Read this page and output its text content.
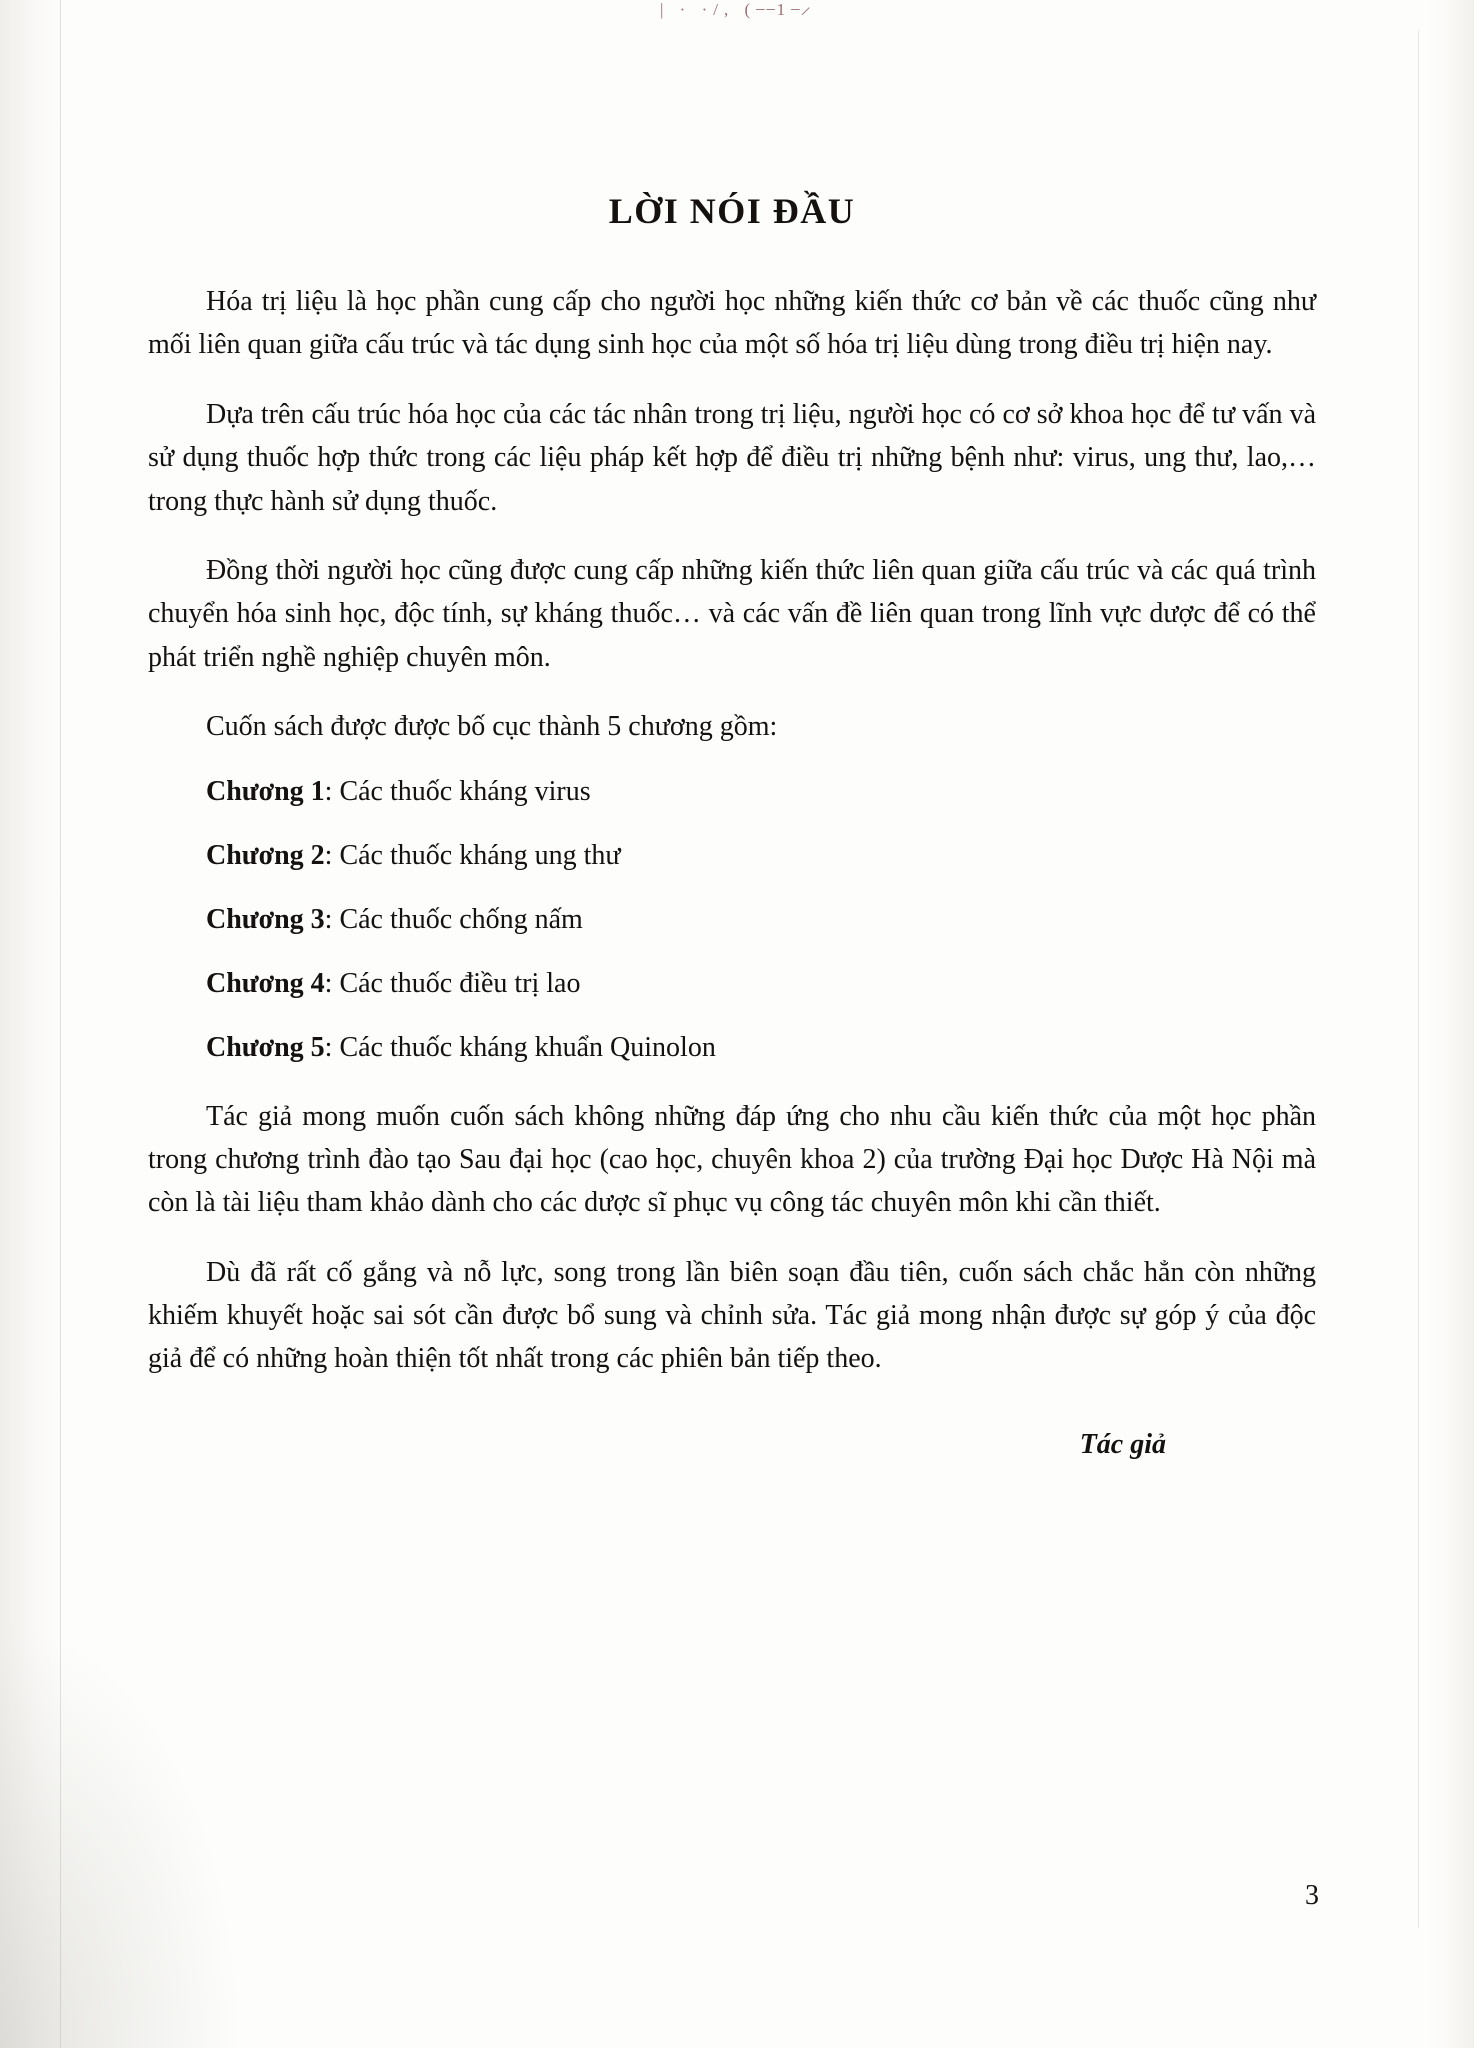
| · ·/, ( ̶ ̶1 ̶ ̷
LỜI NÓI ĐẦU

Hóa trị liệu là học phần cung cấp cho người học những kiến thức cơ bản về các thuốc cũng như mối liên quan giữa cấu trúc và tác dụng sinh học của một số hóa trị liệu dùng trong điều trị hiện nay.

Dựa trên cấu trúc hóa học của các tác nhân trong trị liệu, người học có cơ sở khoa học để tư vấn và sử dụng thuốc hợp thức trong các liệu pháp kết hợp để điều trị những bệnh như: virus, ung thư, lao,… trong thực hành sử dụng thuốc.

Đồng thời người học cũng được cung cấp những kiến thức liên quan giữa cấu trúc và các quá trình chuyển hóa sinh học, độc tính, sự kháng thuốc… và các vấn đề liên quan trong lĩnh vực dược để có thể phát triển nghề nghiệp chuyên môn.

Cuốn sách được được bố cục thành 5 chương gồm:

Chương 1: Các thuốc kháng virus

Chương 2: Các thuốc kháng ung thư

Chương 3: Các thuốc chống nấm

Chương 4: Các thuốc điều trị lao

Chương 5: Các thuốc kháng khuẩn Quinolon

Tác giả mong muốn cuốn sách không những đáp ứng cho nhu cầu kiến thức của một học phần trong chương trình đào tạo Sau đại học (cao học, chuyên khoa 2) của trường Đại học Dược Hà Nội mà còn là tài liệu tham khảo dành cho các dược sĩ phục vụ công tác chuyên môn khi cần thiết.

Dù đã rất cố gắng và nỗ lực, song trong lần biên soạn đầu tiên, cuốn sách chắc hẳn còn những khiếm khuyết hoặc sai sót cần được bổ sung và chỉnh sửa. Tác giả mong nhận được sự góp ý của độc giả để có những hoàn thiện tốt nhất trong các phiên bản tiếp theo.

Tác giả

3
